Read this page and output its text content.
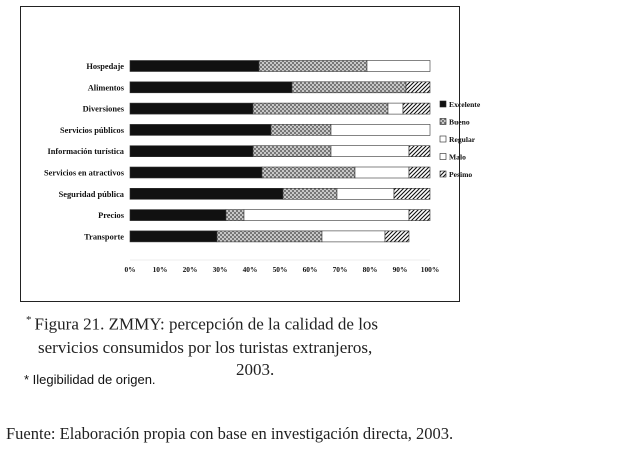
Hospedaje
Alimentos
Diversiones
Servicios públicos
Información turística
Servicios en atractivos
Seguridad pública
Precios
Transporte
0% 10% 20% 30% 40% 50% 60% 70% 80% 90% 100%
Excelente
Bueno
Regular
Malo
Pesimo
* Figura 21. ZMMY: percepción de la calidad de los
servicios consumidos por los turistas extranjeros,
2003.
* Ilegibilidad de origen.
Fuente: Elaboración propia con base en investigación directa, 2003.
